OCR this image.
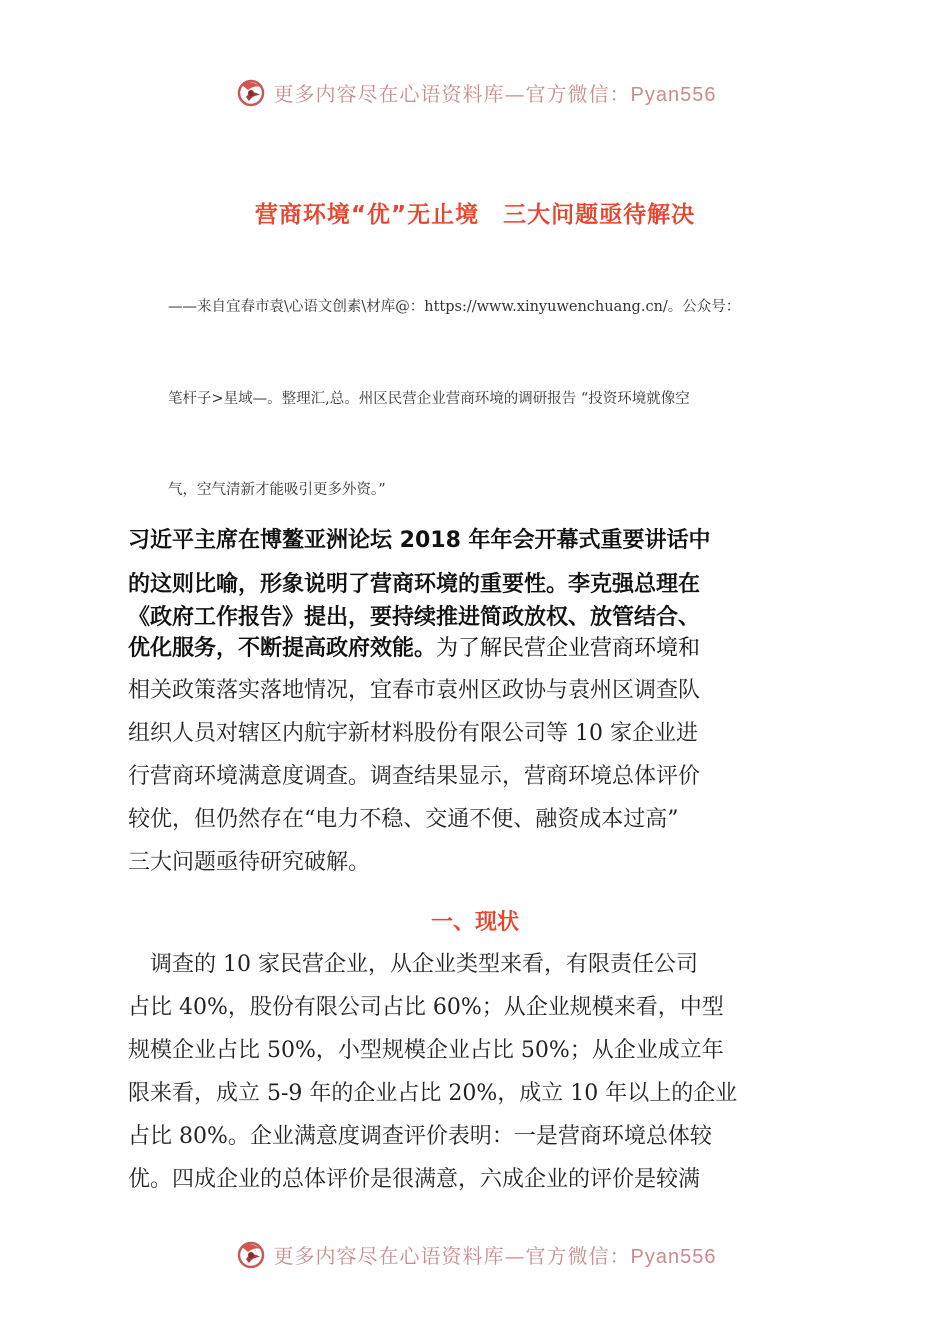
更多内容尽在心语资料库—官方微信：Pyan556
营商环境“优”无止境　三大问题亟待解决
——来自宜春市袁\心语文创素\材库@：https://www.xinyuwenchuang.cn/。公众号：
笔杆子>星域—。整理汇,总。州区民营企业营商环境的调研报告 “投资环境就像空
气，空气清新才能吸引更多外资。”
习近平主席在博鳌亚洲论坛 2018 年年会开幕式重要讲话中
的这则比喻，形象说明了营商环境的重要性。李克强总理在
《政府工作报告》提出，要持续推进简政放权、放管结合、
优化服务，不断提高政府效能。为了解民营企业营商环境和
相关政策落实落地情况，宜春市袁州区政协与袁州区调查队
组织人员对辖区内航宇新材料股份有限公司等 10 家企业进
行营商环境满意度调查。调查结果显示，营商环境总体评价
较优，但仍然存在“电力不稳、交通不便、融资成本过高”
三大问题亟待研究破解。
一、现状
　调查的 10 家民营企业，从企业类型来看，有限责任公司
占比 40%，股份有限公司占比 60%；从企业规模来看，中型
规模企业占比 50%，小型规模企业占比 50%；从企业成立年
限来看，成立 5-9 年的企业占比 20%，成立 10 年以上的企业
占比 80%。企业满意度调查评价表明：一是营商环境总体较
优。四成企业的总体评价是很满意，六成企业的评价是较满
更多内容尽在心语资料库—官方微信：Pyan556
